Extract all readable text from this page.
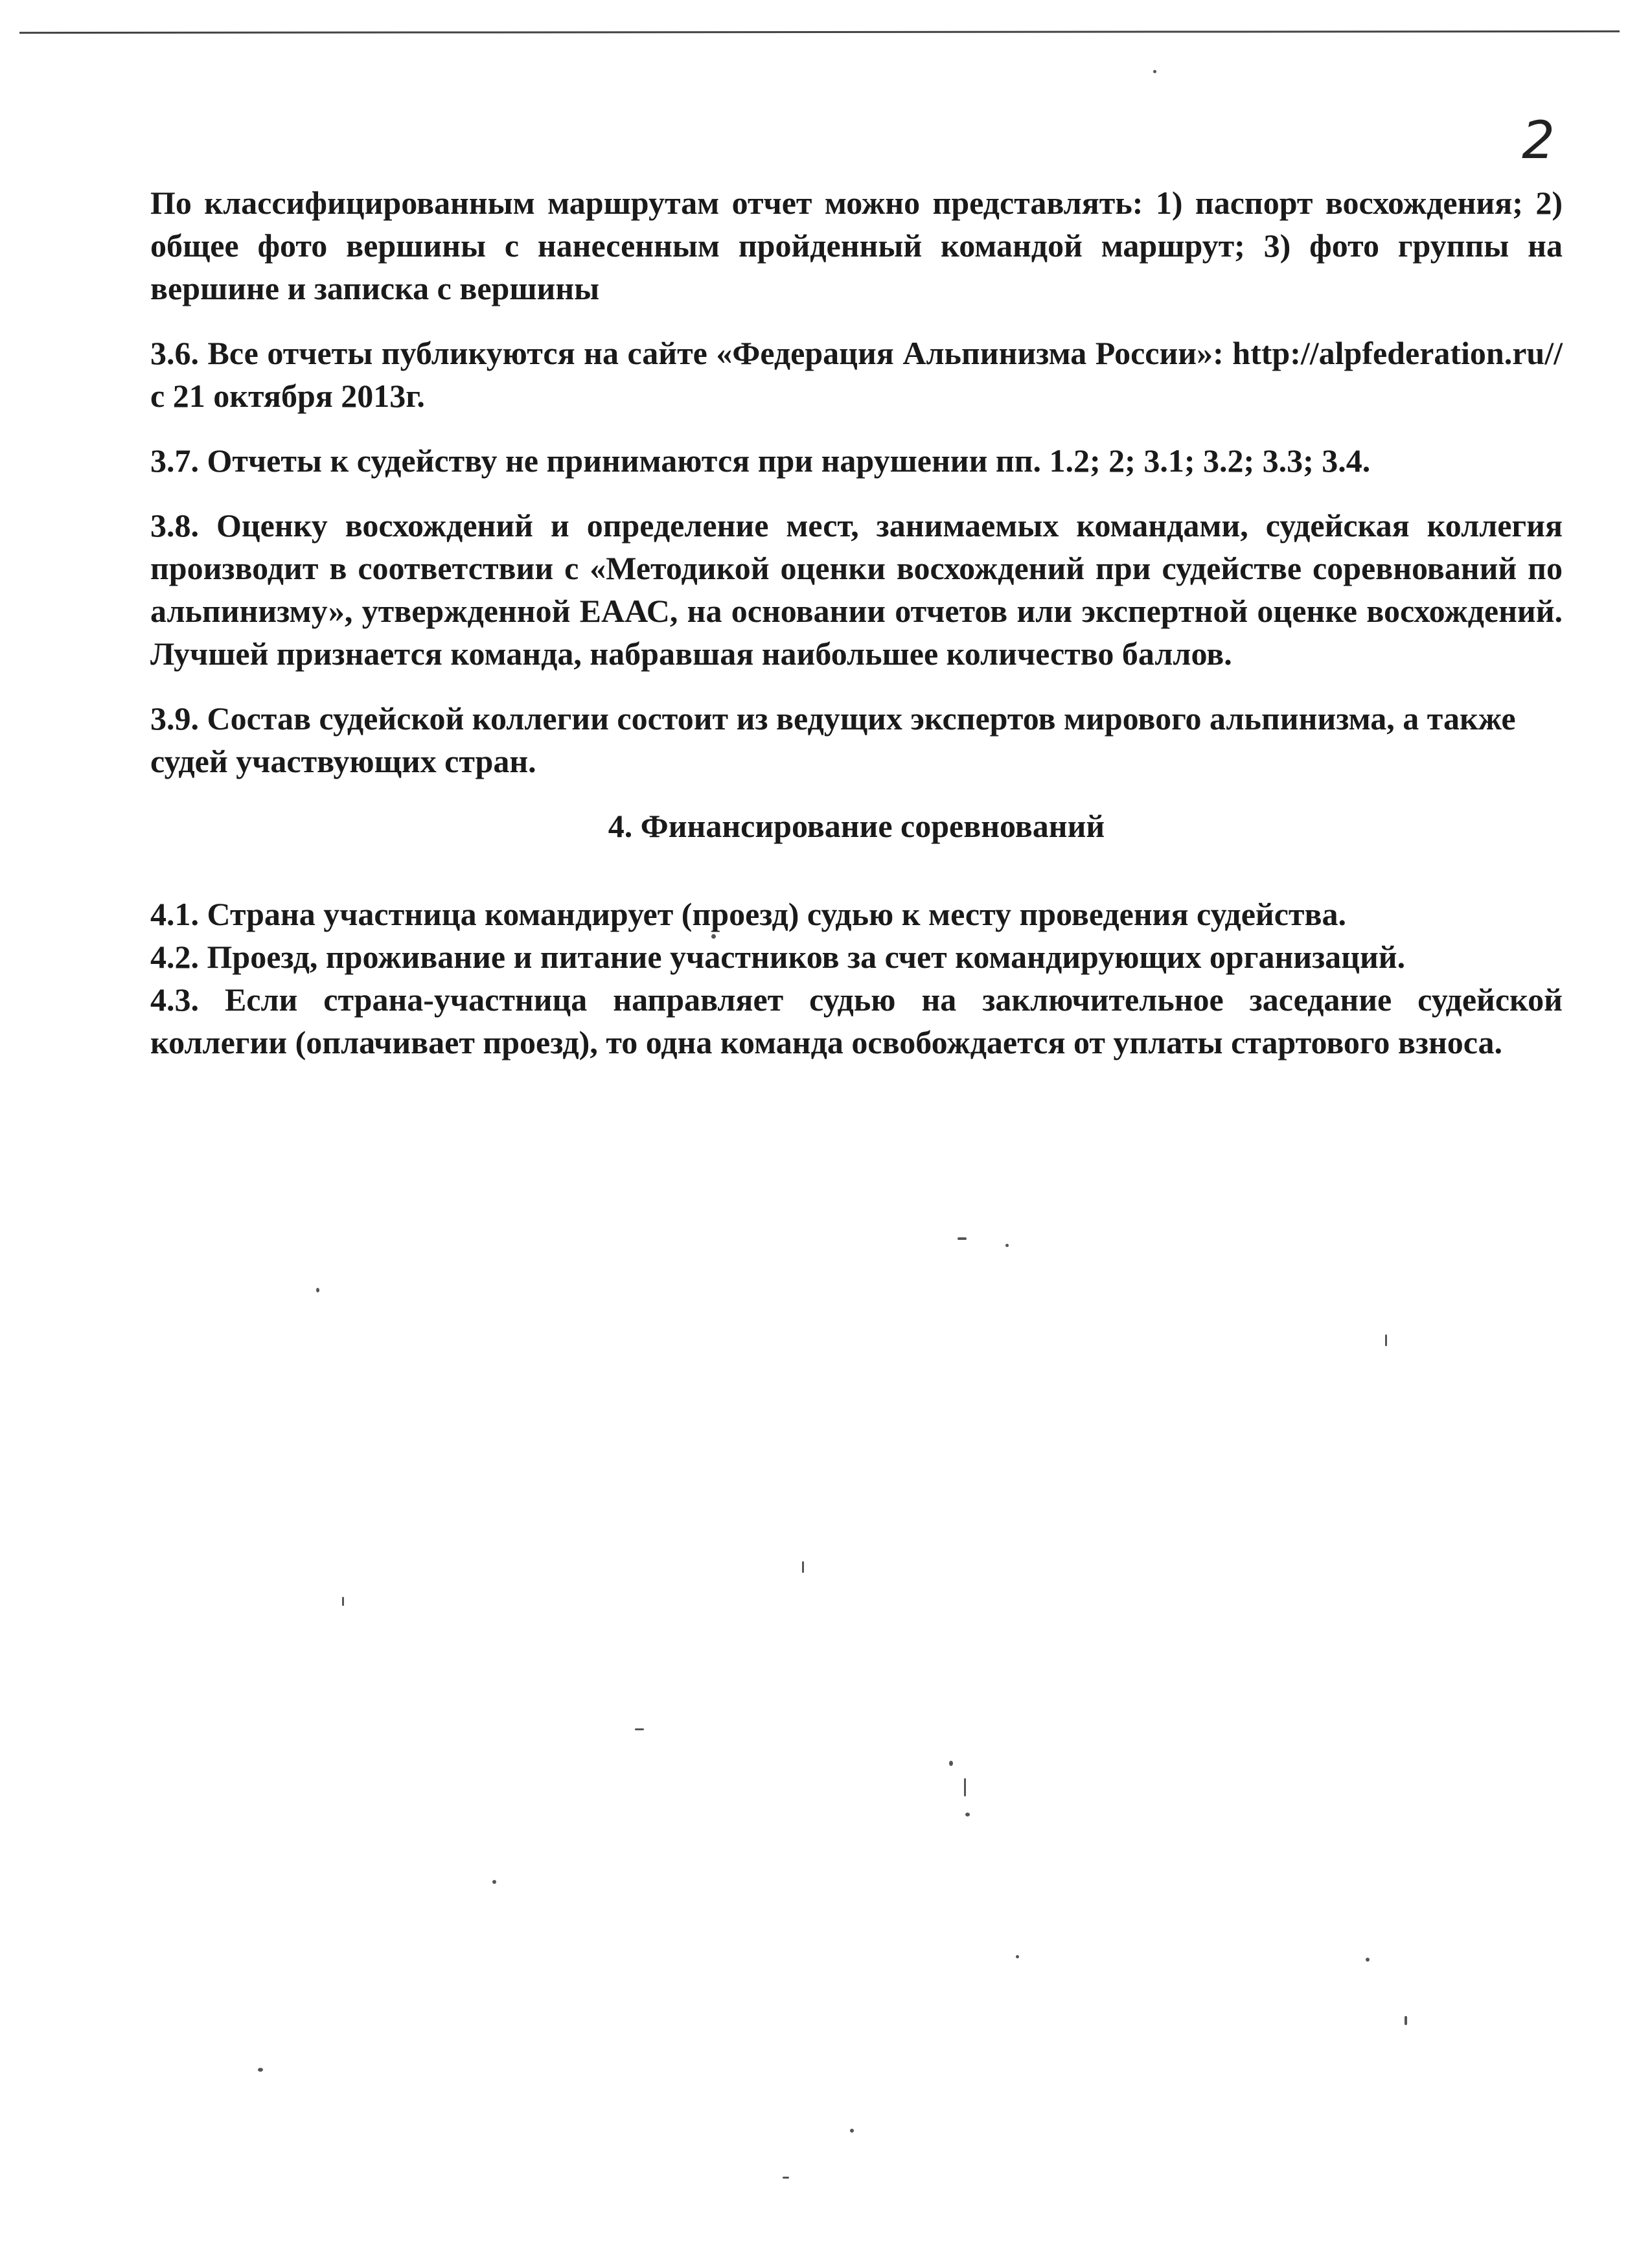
2

По классифицированным маршрутам отчет можно представлять: 1) паспорт восхождения; 2) общее фото вершины с нанесенным пройденный командой маршрут; 3) фото группы на вершине и записка с вершины

3.6. Все отчеты публикуются на сайте «Федерация Альпинизма России»: http://alpfederation.ru// с 21 октября 2013г.

3.7. Отчеты к судейству не принимаются при нарушении пп. 1.2; 2; 3.1; 3.2; 3.3; 3.4.

3.8. Оценку восхождений и определение мест, занимаемых командами, судейская коллегия производит в соответствии с «Методикой оценки восхождений при судействе соревнований по альпинизму», утвержденной ЕААС, на основании отчетов или экспертной оценке восхождений. Лучшей признается команда, набравшая наибольшее количество баллов.

3.9. Состав судейской коллегии состоит из ведущих экспертов мирового альпинизма, а также судей участвующих стран.

4. Финансирование соревнований

4.1. Страна участница командирует (проезд) судью к месту проведения судейства.

4.2. Проезд, проживание и питание участников за счет командирующих организаций.

4.3. Если страна-участница направляет судью на заключительное заседание судейской коллегии (оплачивает проезд), то одна команда освобождается от уплаты стартового взноса.
